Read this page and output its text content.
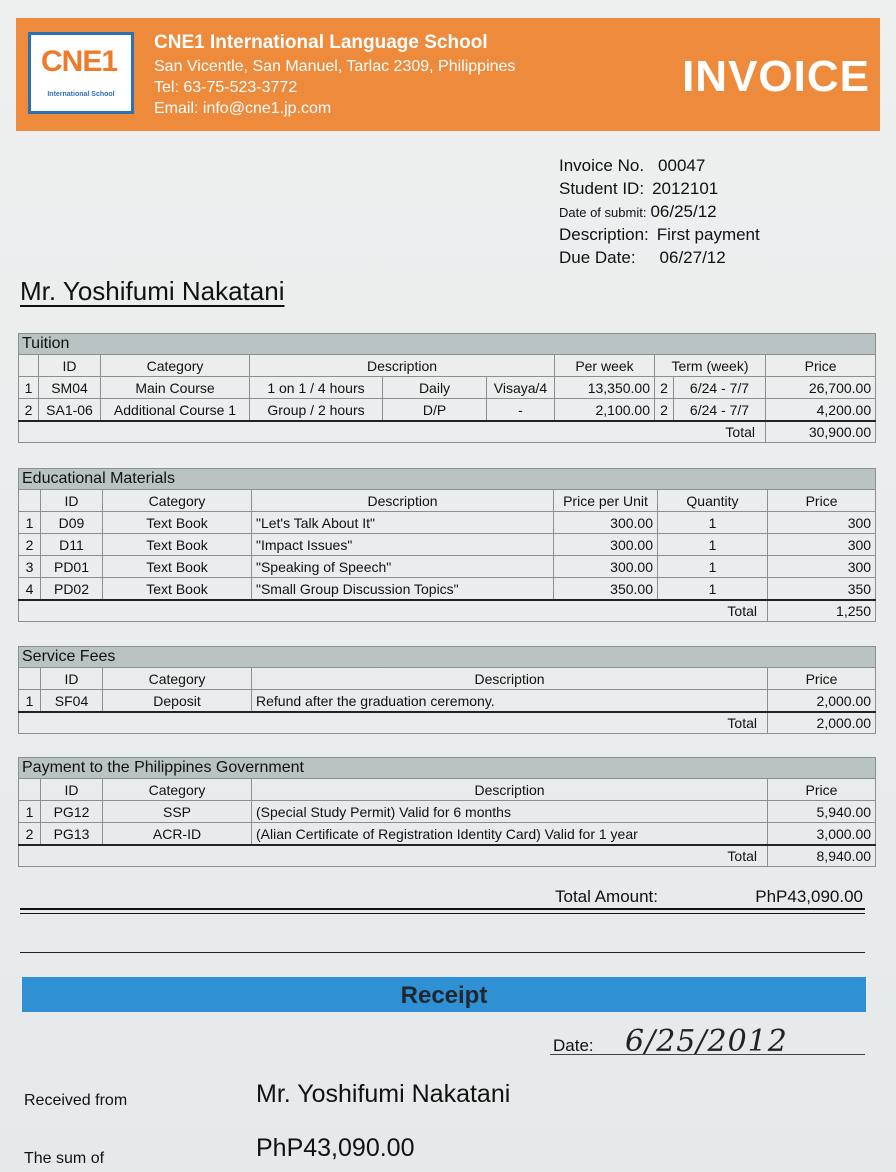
CNE1
International School
CNE1 International Language School
San Vicentle, San Manuel, Tarlac 2309, Philippines
Tel: 63-75-523-3772
Email: info@cne1.jp.com
INVOICE
Invoice No. 00047
Student ID: 2012101
Date of submit: 06/25/12
Description: First payment
Due Date: 06/27/12
Mr. Yoshifumi Nakatani
Tuition									
	ID	Category	Description			Per week	Term (week)		Price
1	SM04	Main Course	1 on 1 / 4 hours	Daily	Visaya/4	13,350.00	2	6/24 - 7/7	26,700.00
2	SA1-06	Additional Course 1	Group / 2 hours	D/P	-	2,100.00	2	6/24 - 7/7	4,200.00
Total									30,900.00
Educational Materials						
	ID	Category	Description	Price per Unit	Quantity	Price
1	D09	Text Book	"Let's Talk About It"	300.00	1	300
2	D11	Text Book	"Impact Issues"	300.00	1	300
3	PD01	Text Book	"Speaking of Speech"	300.00	1	300
4	PD02	Text Book	"Small Group Discussion Topics"	350.00	1	350
Total						1,250
Service Fees				
	ID	Category	Description	Price
1	SF04	Deposit	Refund after the graduation ceremony.	2,000.00
Total				2,000.00
Payment to the Philippines Government				
	ID	Category	Description	Price
1	PG12	SSP	(Special Study Permit) Valid for 6 months	5,940.00
2	PG13	ACR-ID	(Alian Certificate of Registration Identity Card) Valid for 1 year	3,000.00
Total				8,940.00
Total Amount:	PhP43,090.00
Receipt
Date: 6/25/2012
Received from	Mr. Yoshifumi Nakatani
The sum of	PhP43,090.00
